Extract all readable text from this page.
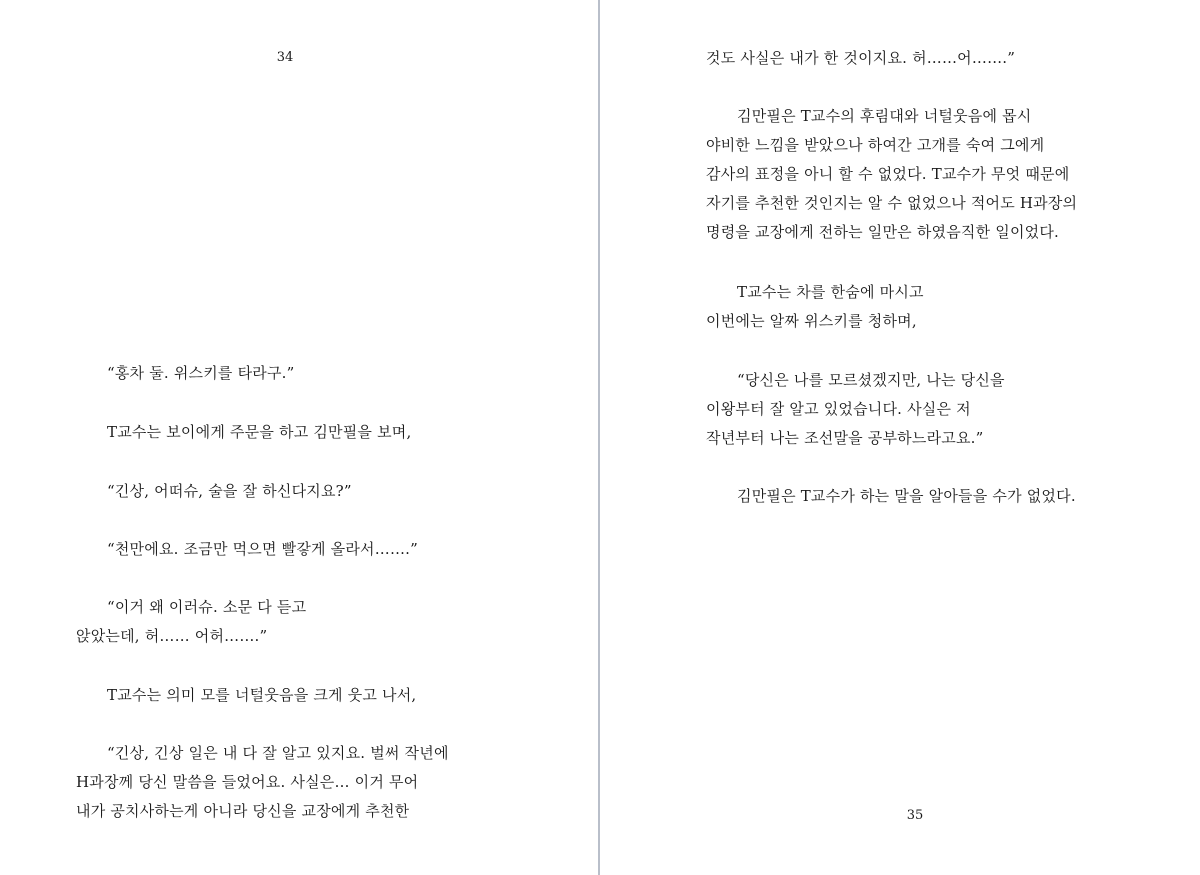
34

“홍차 둘. 위스키를 타라구.”

T교수는 보이에게 주문을 하고 김만필을 보며,

“긴상, 어떠슈, 술을 잘 하신다지요?”

“천만에요. 조금만 먹으면 빨갛게 올라서…….”

“이거 왜 이러슈. 소문 다 듣고
앉았는데, 허…… 어허…….”

T교수는 의미 모를 너털웃음을 크게 웃고 나서,

“긴상, 긴상 일은 내 다 잘 알고 있지요. 벌써 작년에
H과장께 당신 말씀을 들었어요. 사실은… 이거 무어
내가 공치사하는게 아니라 당신을 교장에게 추천한

것도 사실은 내가 한 것이지요. 허……어…….”

김만필은 T교수의 후림대와 너털웃음에 몹시
야비한 느낌을 받았으나 하여간 고개를 숙여 그에게
감사의 표정을 아니 할 수 없었다. T교수가 무엇 때문에
자기를 추천한 것인지는 알 수 없었으나 적어도 H과장의
명령을 교장에게 전하는 일만은 하였음직한 일이었다.

T교수는 차를 한숨에 마시고
이번에는 알짜 위스키를 청하며,

“당신은 나를 모르셨겠지만, 나는 당신을
이왕부터 잘 알고 있었습니다. 사실은 저
작년부터 나는 조선말을 공부하느라고요.”

김만필은 T교수가 하는 말을 알아들을 수가 없었다.

35
